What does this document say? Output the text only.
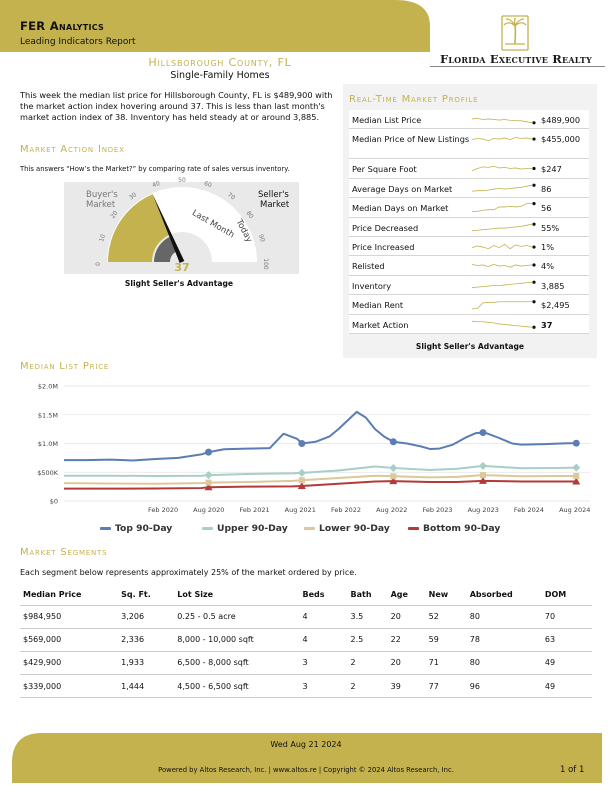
FER Analytics
Leading Indicators Report
Florida Executive Realty
Hillsborough County, FL
Single-Family Homes
This week the median list price for Hillsborough County, FL is $489,900 with the market action index hovering around 37. This is less than last month's market action index of 38. Inventory has held steady at or around 3,885.
Market Action Index
This answers “How’s the Market?” by comparing rate of sales versus inventory.
0
10
20
30
40	50	60
70
80
90
100
Last Month
Today
Buyer's
Market
Seller's
Market
37
Slight Seller's Advantage
Real-Time Market Profile
Median List Price	$489,900
Median Price of New Listings	$455,000
Per Square Foot	$247
Average Days on Market	86
Median Days on Market	56
Price Decreased	55%
Price Increased	1%
Relisted	4%
Inventory	3,885
Median Rent	$2,495
Market Action	37
Slight Seller's Advantage
Median List Price
$0
$500K
$1.0M
$1.5M
$2.0M
Feb 2020 Aug 2020 Feb 2021 Aug 2021 Feb 2022 Aug 2022 Feb 2023 Aug 2023 Feb 2024 Aug 2024
Top 90-Day	Upper 90-Day	Lower 90-Day	Bottom 90-Day
Market Segments
Each segment below represents approximately 25% of the market ordered by price.
Median Price	Sq. Ft.	Lot Size	Beds	Bath	Age	New	Absorbed	DOM
$984,950	3,206	0.25 - 0.5 acre	4	3.5	20	52	80	70
$569,000	2,336	8,000 - 10,000 sqft	4	2.5	22	59	78	63
$429,900	1,933	6,500 - 8,000 sqft	3	2	20	71	80	49
$339,000	1,444	4,500 - 6,500 sqft	3	2	39	77	96	49
Wed Aug 21 2024
Powered by Altos Research, Inc. | www.altos.re | Copyright © 2024 Altos Research, Inc.	1 of 1
